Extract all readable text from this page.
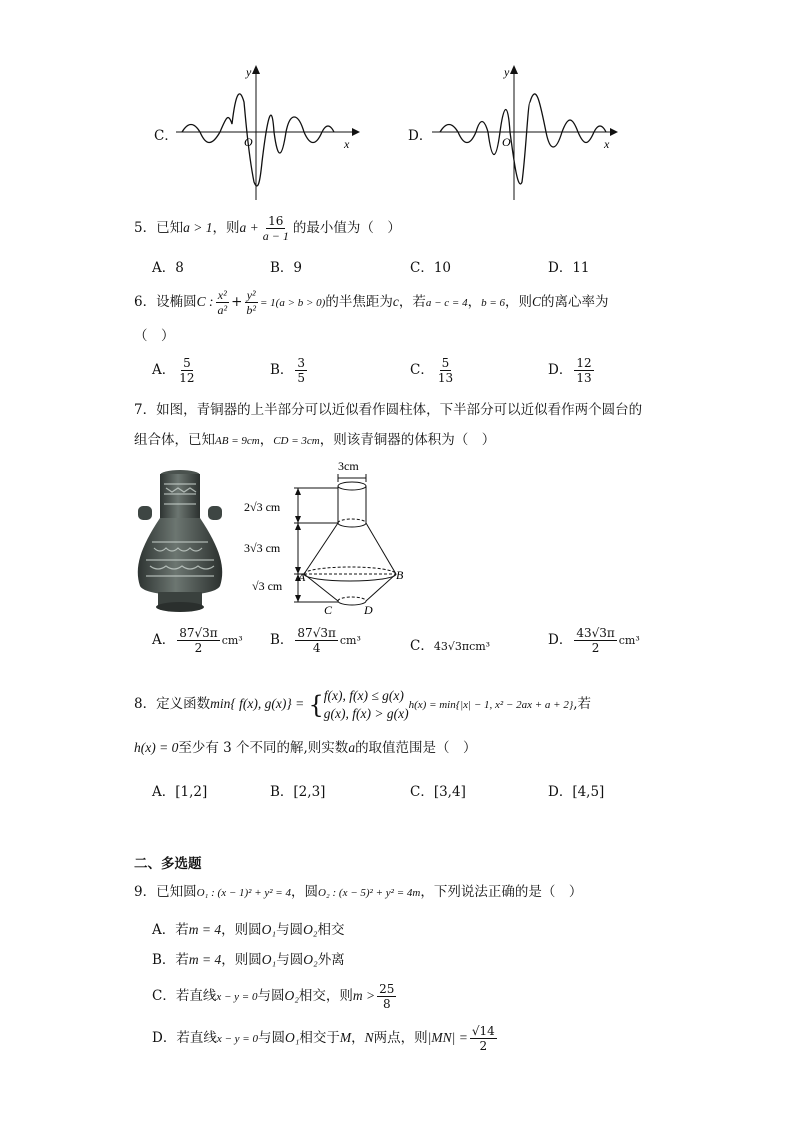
C．
y
x
O	D．
y
x
O
5．已知a > 1，则$a + \frac{16}{a - 1}$ 的最小值为（　）
A．8	B．9	C．10	D．11
6．设椭圆C : $\frac{\text{x²}}{\text{a²}} + \frac{\text{y²}}{\text{b²}} = 1(a > b > 0)$的半焦距为c，若a − c = 4，b = 6，则C的离心率为
（　）
A． $\frac{5}{12}$	B． $\frac{3}{5}$	C． $\frac{5}{13}$	D． $\frac{12}{13}$
7．如图，青铜器的上半部分可以近似看作圆柱体，下半部分可以近似看作两个圆台的
组合体，已知AB = 9cm，CD = 3cm，则该青铜器的体积为（　）
3cm
2√3 cm
3√3 cm
√3 cm
A	B
C	D
A． $\frac{87√3\pi}{2} cm^3$ B． $\frac{87√3\pi}{4} cm^3$	C．43√3πcm³	D． $\frac{43√3\pi}{2} cm^3$
8．定义函数min{ f(x), g(x)} = { f(x), f(x) ≤ g(x)
g(x), f(x) > g(x)
h(x) = min{|x| − 1, x² − 2ax + a + 2},若
h(x) = 0至少有 3 个不同的解,则实数a的取值范围是（　）
A．[1,2]	B．[2,3]	C．[3,4]	D．[4,5]
二、多选题
9．已知圆O₁ : (x − 1)² + y² = 4，圆O₂ : (x − 5)² + y² = 4m，下列说法正确的是（　）
A．若m = 4，则圆O₁与圆O₂相交
B．若m = 4，则圆O₁与圆O₂外离
C．若直线x − y = 0与圆O₂相交，则$m > \frac{25}{8}$
D．若直线x − y = 0与圆O₁相交于M，N两点，则$|MN| = \frac{√14}{2}$
